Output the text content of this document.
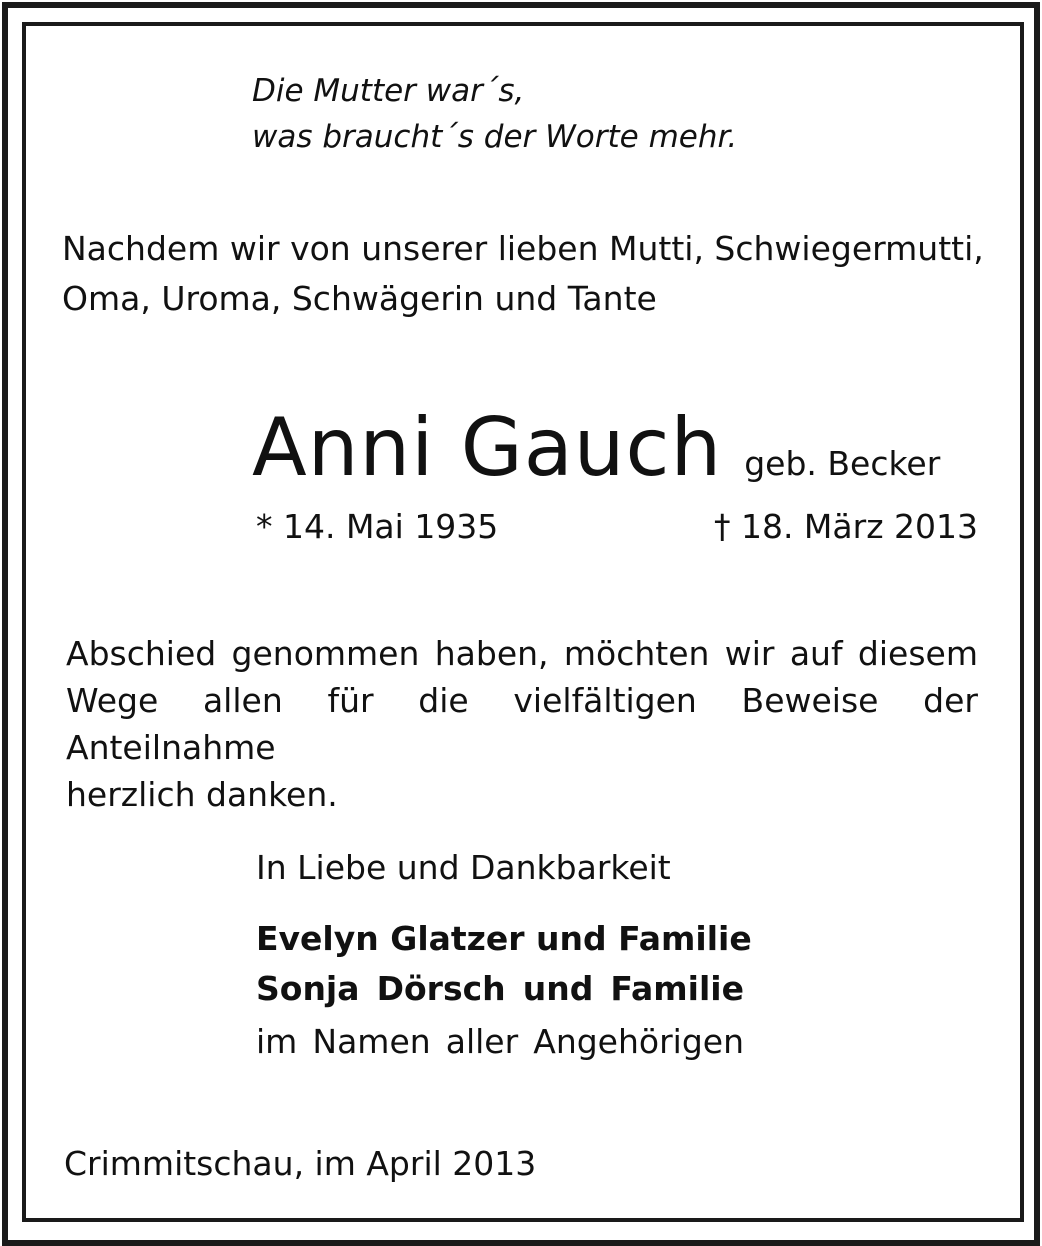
Die Mutter war´s,
was braucht´s der Worte mehr.
Nachdem wir von unserer lieben Mutti, Schwiegermutti,
Oma, Uroma, Schwägerin und Tante
Anni Gauch geb. Becker
* 14. Mai 1935	† 18. März 2013
Abschied genommen haben, möchten wir auf diesem
Wege allen für die vielfältigen Beweise der Anteilnahme
herzlich danken.
In Liebe und Dankbarkeit
Evelyn Glatzer und Familie
Sonja Dörsch und Familie
im Namen aller Angehörigen
Crimmitschau, im April 2013
